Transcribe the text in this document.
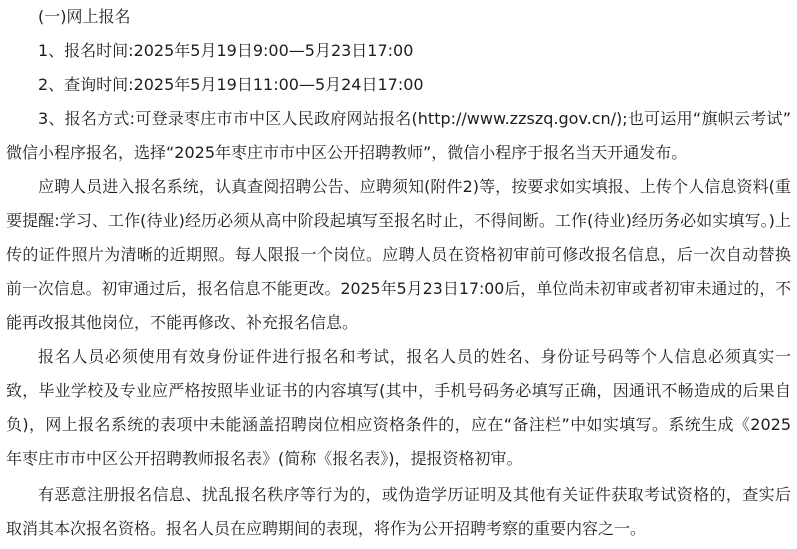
(一)网上报名
1、报名时间:2025年5月19日9:00—5月23日17:00
2、查询时间:2025年5月19日11:00—5月24日17:00
3、报名方式:可登录枣庄市市中区人民政府网站报名(http://www.zzszq.gov.cn/);也可运用“旗帜云考试”
微信小程序报名，选择“2025年枣庄市市中区公开招聘教师”，微信小程序于报名当天开通发布。
应聘人员进入报名系统，认真查阅招聘公告、应聘须知(附件2)等，按要求如实填报、上传个人信息资料(重
要提醒:学习、工作(待业)经历必须从高中阶段起填写至报名时止，不得间断。工作(待业)经历务必如实填写。)上
传的证件照片为清晰的近期照。每人限报一个岗位。应聘人员在资格初审前可修改报名信息，后一次自动替换
前一次信息。初审通过后，报名信息不能更改。2025年5月23日17:00后，单位尚未初审或者初审未通过的，不
能再改报其他岗位，不能再修改、补充报名信息。
报名人员必须使用有效身份证件进行报名和考试，报名人员的姓名、身份证号码等个人信息必须真实一
致，毕业学校及专业应严格按照毕业证书的内容填写(其中，手机号码务必填写正确，因通讯不畅造成的后果自
负)，网上报名系统的表项中未能涵盖招聘岗位相应资格条件的，应在“备注栏”中如实填写。系统生成《2025
年枣庄市市中区公开招聘教师报名表》(简称《报名表》)，提报资格初审。
有恶意注册报名信息、扰乱报名秩序等行为的，或伪造学历证明及其他有关证件获取考试资格的，查实后
取消其本次报名资格。报名人员在应聘期间的表现，将作为公开招聘考察的重要内容之一。
